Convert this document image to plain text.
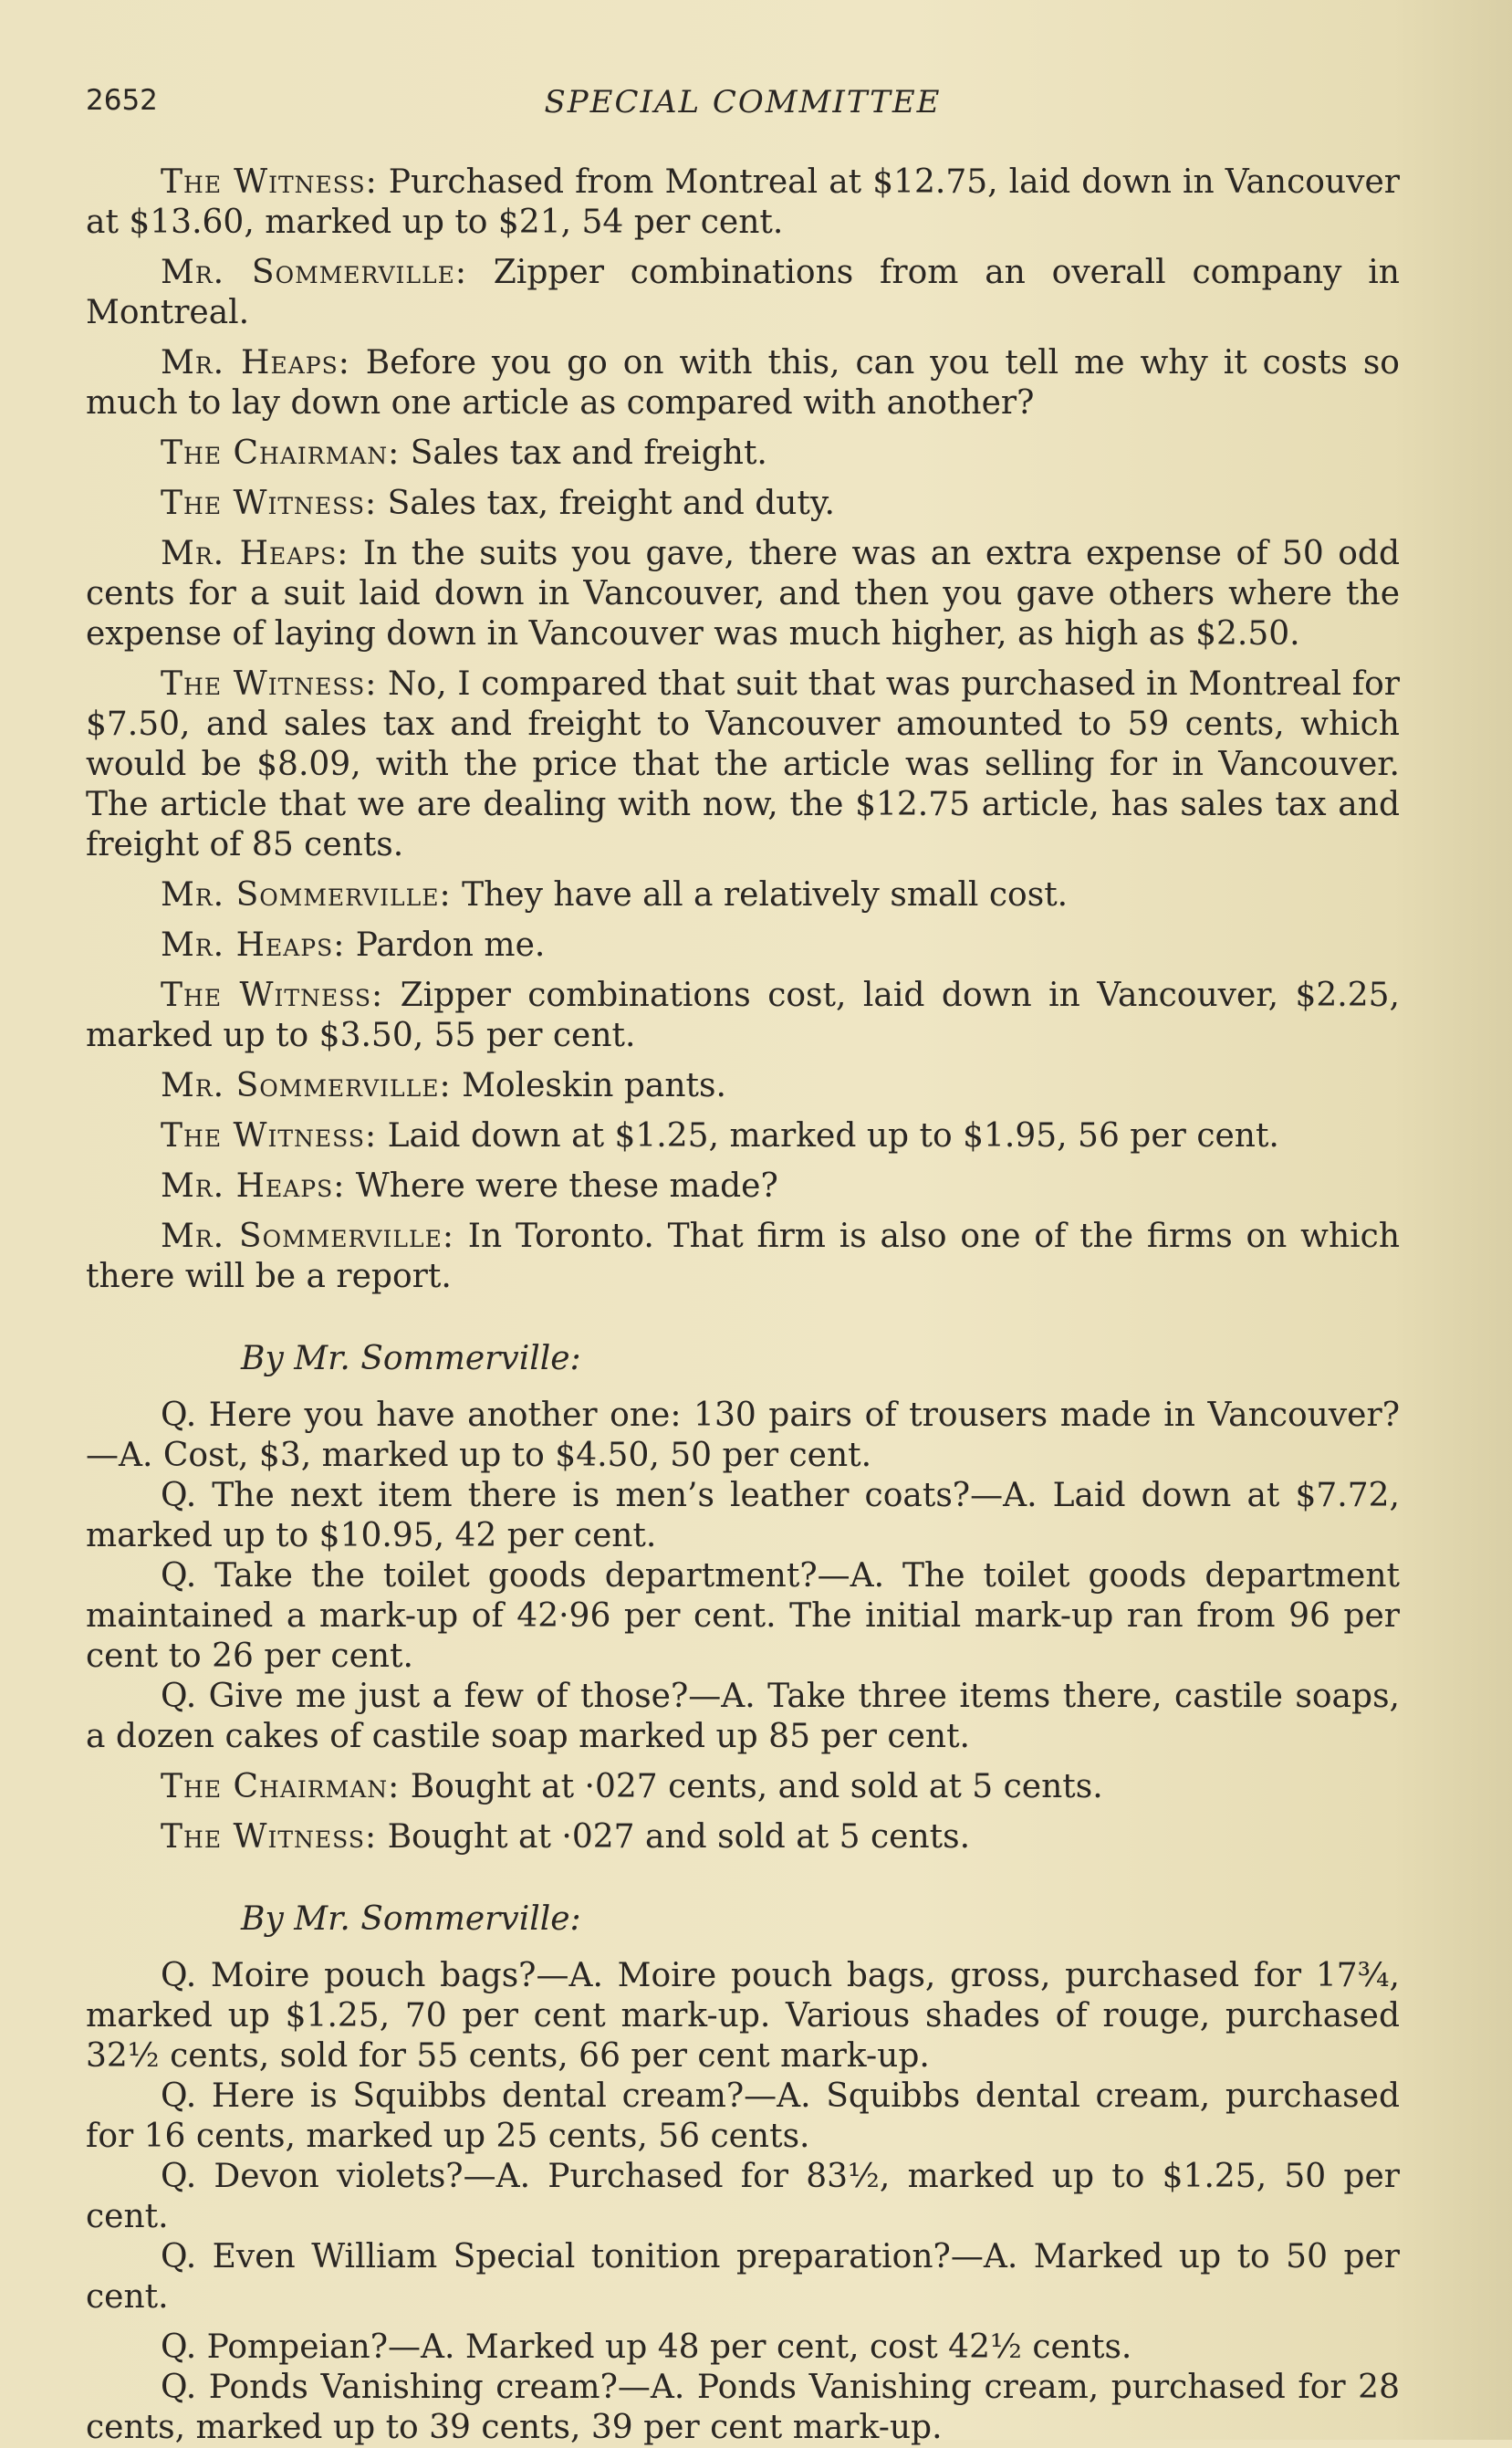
2652	SPECIAL COMMITTEE

The Witness: Purchased from Montreal at $12.75, laid down in Vancouver at $13.60, marked up to $21, 54 per cent.

Mr. Sommerville: Zipper combinations from an overall company in Montreal.

Mr. Heaps: Before you go on with this, can you tell me why it costs so much to lay down one article as compared with another?

The Chairman: Sales tax and freight.

The Witness: Sales tax, freight and duty.

Mr. Heaps: In the suits you gave, there was an extra expense of 50 odd cents for a suit laid down in Vancouver, and then you gave others where the expense of laying down in Vancouver was much higher, as high as $2.50.

The Witness: No, I compared that suit that was purchased in Montreal for $7.50, and sales tax and freight to Vancouver amounted to 59 cents, which would be $8.09, with the price that the article was selling for in Vancouver. The article that we are dealing with now, the $12.75 article, has sales tax and freight of 85 cents.

Mr. Sommerville: They have all a relatively small cost.

Mr. Heaps: Pardon me.

The Witness: Zipper combinations cost, laid down in Vancouver, $2.25, marked up to $3.50, 55 per cent.

Mr. Sommerville: Moleskin pants.

The Witness: Laid down at $1.25, marked up to $1.95, 56 per cent.

Mr. Heaps: Where were these made?

Mr. Sommerville: In Toronto. That firm is also one of the firms on which there will be a report.

By Mr. Sommerville:

Q. Here you have another one: 130 pairs of trousers made in Vancouver?—A. Cost, $3, marked up to $4.50, 50 per cent.

Q. The next item there is men’s leather coats?—A. Laid down at $7.72, marked up to $10.95, 42 per cent.

Q. Take the toilet goods department?—A. The toilet goods department maintained a mark-up of 42·96 per cent. The initial mark-up ran from 96 per cent to 26 per cent.

Q. Give me just a few of those?—A. Take three items there, castile soaps, a dozen cakes of castile soap marked up 85 per cent.

The Chairman: Bought at ·027 cents, and sold at 5 cents.

The Witness: Bought at ·027 and sold at 5 cents.

By Mr. Sommerville:

Q. Moire pouch bags?—A. Moire pouch bags, gross, purchased for 17¾, marked up $1.25, 70 per cent mark-up. Various shades of rouge, purchased 32½ cents, sold for 55 cents, 66 per cent mark-up.

Q. Here is Squibbs dental cream?—A. Squibbs dental cream, purchased for 16 cents, marked up 25 cents, 56 cents.

Q. Devon violets?—A. Purchased for 83½, marked up to $1.25, 50 per cent.

Q. Even William Special tonition preparation?—A. Marked up to 50 per cent.

Q. Pompeian?—A. Marked up 48 per cent, cost 42½ cents.

Q. Ponds Vanishing cream?—A. Ponds Vanishing cream, purchased for 28 cents, marked up to 39 cents, 39 per cent mark-up.
